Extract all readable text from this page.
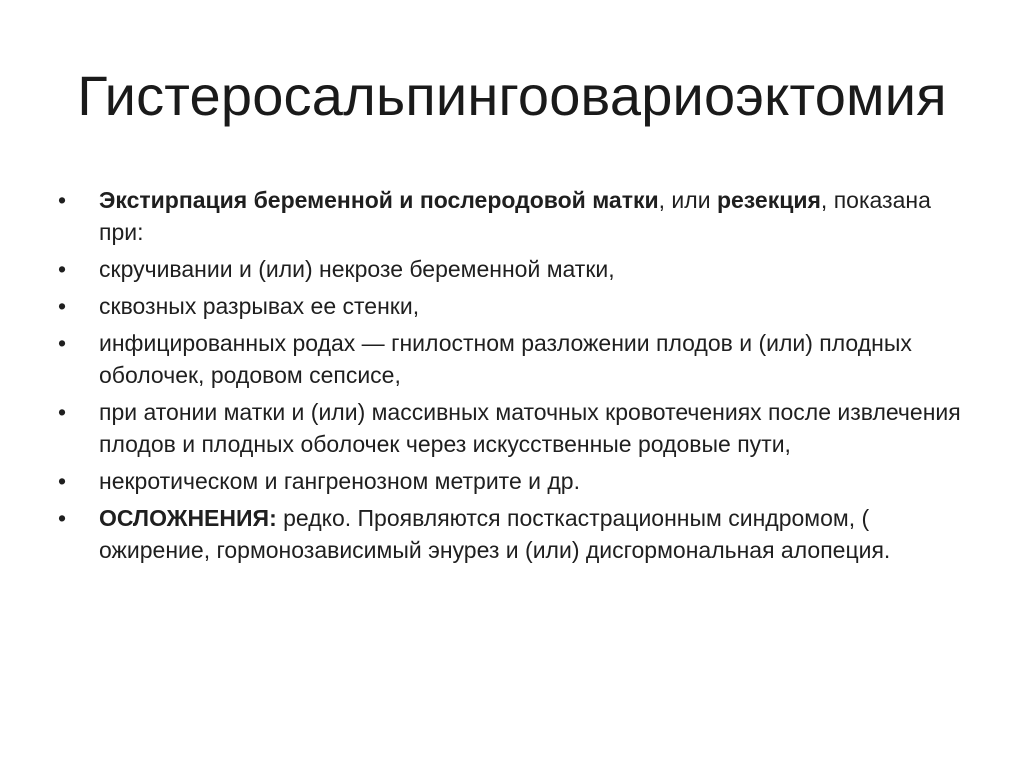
Гистеросальпингоовариоэктомия
• Экстирпация беременной и послеродовой матки, или резекция, показана при:
• скручивании и (или) некрозе беременной матки,
• сквозных разрывах ее стенки,
• инфицированных родах — гнилостном разложении плодов и (или) плодных оболочек, родовом сепсисе,
• при атонии матки и (или) массивных маточных кровотечениях после извлечения плодов и плодных оболочек через искусственные родовые пути,
• некротическом и гангренозном метрите и др.
• ОСЛОЖНЕНИЯ: редко. Проявляются посткастрационным синдромом, ( ожирение, гормонозависимый энурез и (или) дисгормональная алопеция.
